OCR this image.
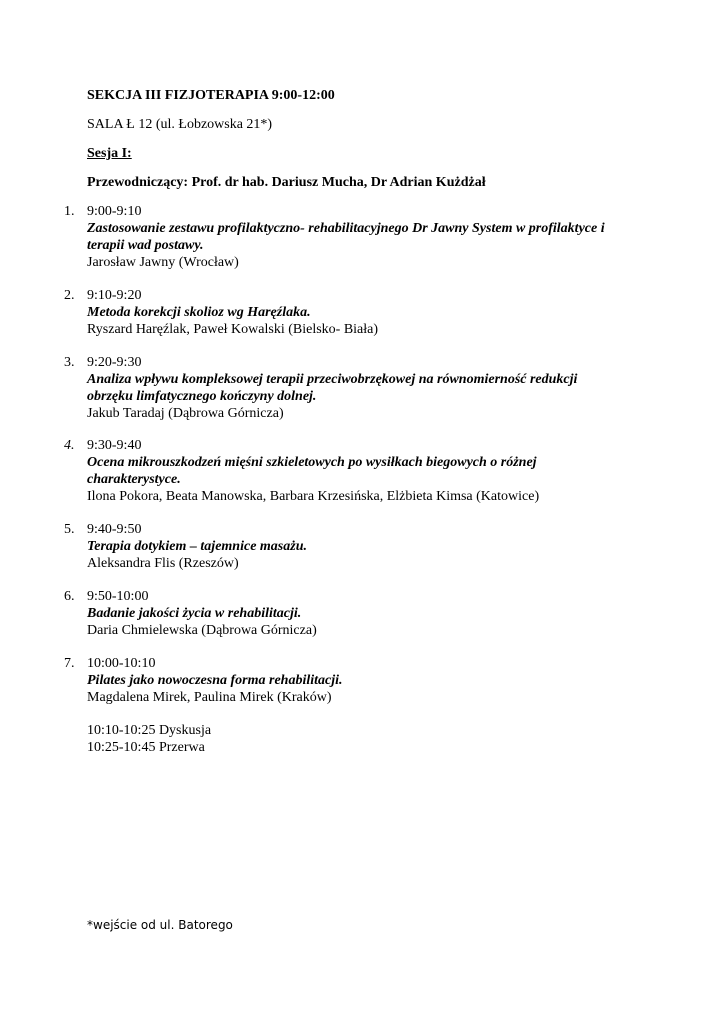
SEKCJA III FIZJOTERAPIA 9:00-12:00
SALA Ł 12 (ul. Łobzowska 21*)
Sesja I:
Przewodniczący: Prof. dr hab. Dariusz Mucha, Dr Adrian Kużdżał
1. 9:00-9:10
Zastosowanie zestawu profilaktyczno- rehabilitacyjnego Dr Jawny System w profilaktyce i
terapii wad postawy.
Jarosław Jawny (Wrocław)
2. 9:10-9:20
Metoda korekcji skolioz wg Haręźlaka.
Ryszard Haręźlak, Paweł Kowalski (Bielsko- Biała)
3. 9:20-9:30
Analiza wpływu kompleksowej terapii przeciwobrzękowej na równomierność redukcji
obrzęku limfatycznego kończyny dolnej.
Jakub Taradaj (Dąbrowa Górnicza)
4. 9:30-9:40
Ocena mikrouszkodzeń mięśni szkieletowych po wysiłkach biegowych o różnej
charakterystyce.
Ilona Pokora, Beata Manowska, Barbara Krzesińska, Elżbieta Kimsa (Katowice)
5. 9:40-9:50
Terapia dotykiem – tajemnice masażu.
Aleksandra Flis (Rzeszów)
6. 9:50-10:00
Badanie jakości życia w rehabilitacji.
Daria Chmielewska (Dąbrowa Górnicza)
7. 10:00-10:10
Pilates jako nowoczesna forma rehabilitacji.
Magdalena Mirek, Paulina Mirek (Kraków)
10:10-10:25 Dyskusja
10:25-10:45 Przerwa
*wejście od ul. Batorego
